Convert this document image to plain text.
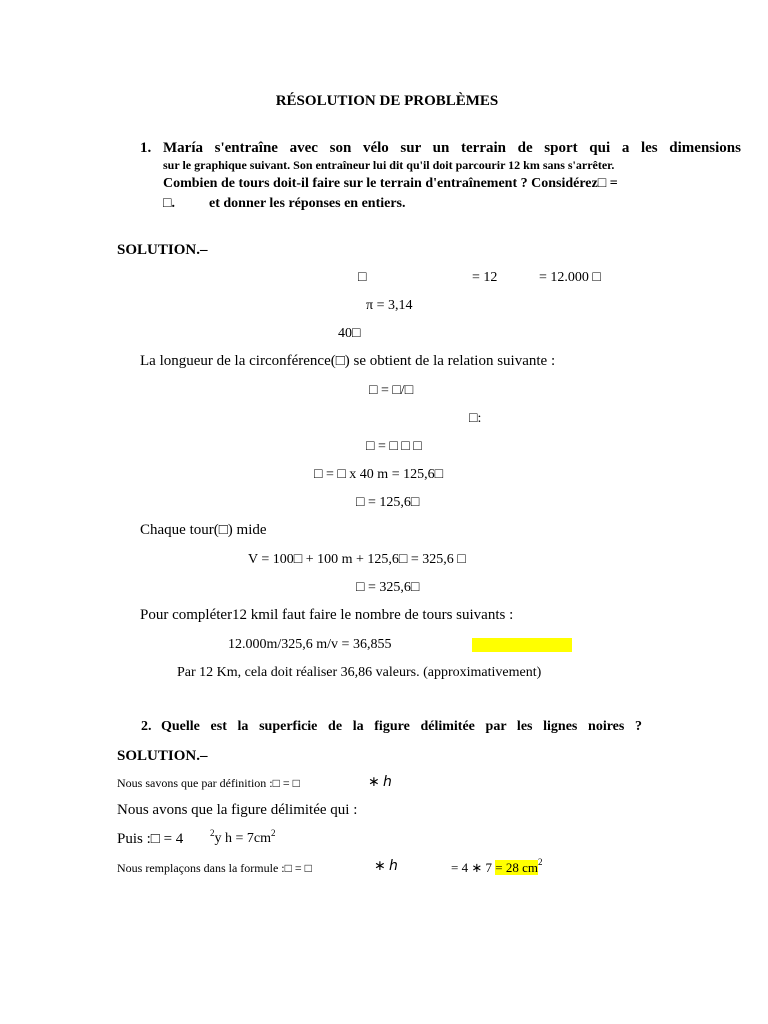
RÉSOLUTION DE PROBLÈMES
1. María s'entraîne avec son vélo sur un terrain de sport qui a les dimensions
sur le graphique suivant. Son entraîneur lui dit qu'il doit parcourir 12 km sans s'arrêter.
Combien de tours doit-il faire sur le terrain d'entraînement ? Considérez□ =
□. et donner les réponses en entiers.
SOLUTION.–
□	= 12	= 12.000 □
π = 3,14
40□
La longueur de la circonférence(□) se obtient de la relation suivante :
□ = □/□
□:
□ = □ □ □
□ = □ x 40 m = 125,6□
□ = 125,6□
Chaque tour(□) mide
V = 100□ + 100 m + 125,6□ = 325,6 □
□ = 325,6□
Pour compléter12 kmil faut faire le nombre de tours suivants :
12.000m/325,6 m/v = 36,855
Par 12 Km, cela doit réaliser 36,86 valeurs. (approximativement)
2. Quelle est la superficie de la figure délimitée par les lignes noires ?
SOLUTION.–
Nous savons que par définition :□ = □	∗ h
Nous avons que la figure délimitée qui :
Puis :□ = 4	$^2$y $h = 7cm^2$
Nous remplaçons dans la formule :□ = □	∗ h	= 4 ∗ 7 = 28 $cm^2$
